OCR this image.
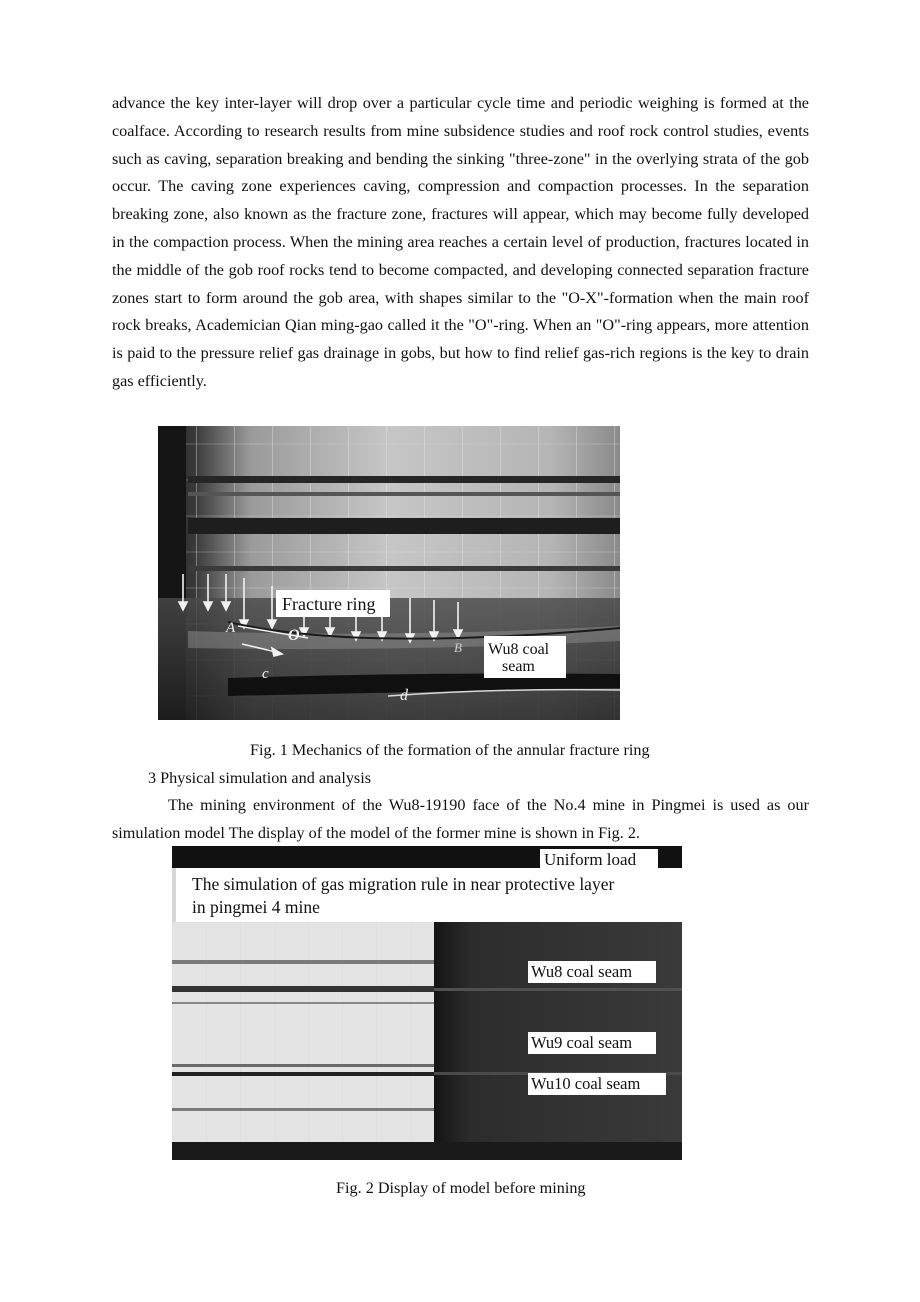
advance the key inter-layer will drop over a particular cycle time and periodic weighing is formed at the coalface. According to research results from mine subsidence studies and roof rock control studies, events such as caving, separation breaking and bending the sinking "three-zone" in the overlying strata of the gob occur. The caving zone experiences caving, compression and compaction processes. In the separation breaking zone, also known as the fracture zone, fractures will appear, which may become fully developed in the compaction process. When the mining area reaches a certain level of production, fractures located in the middle of the gob roof rocks tend to become compacted, and developing connected separation fracture zones start to form around the gob area, with shapes similar to the "O-X"-formation when the main roof rock breaks, Academician Qian ming-gao called it the "O"-ring. When an "O"-ring appears, more attention is paid to the pressure relief gas drainage in gobs, but how to find relief gas-rich regions is the key to drain gas efficiently.

Fracture ring
Wu8 coal
seam
A	O
c
d
B
Fig. 1 Mechanics of the formation of the annular fracture ring
3 Physical simulation and analysis

The mining environment of the Wu8-19190 face of the No.4 mine in Pingmei is used as our simulation model The display of the model of the former mine is shown in Fig. 2.

Uniform load
The simulation of gas migration rule in near protective layer
in pingmei 4 mine
Wu8 coal seam
Wu9 coal seam
Wu10 coal seam
Fig. 2 Display of model before mining
